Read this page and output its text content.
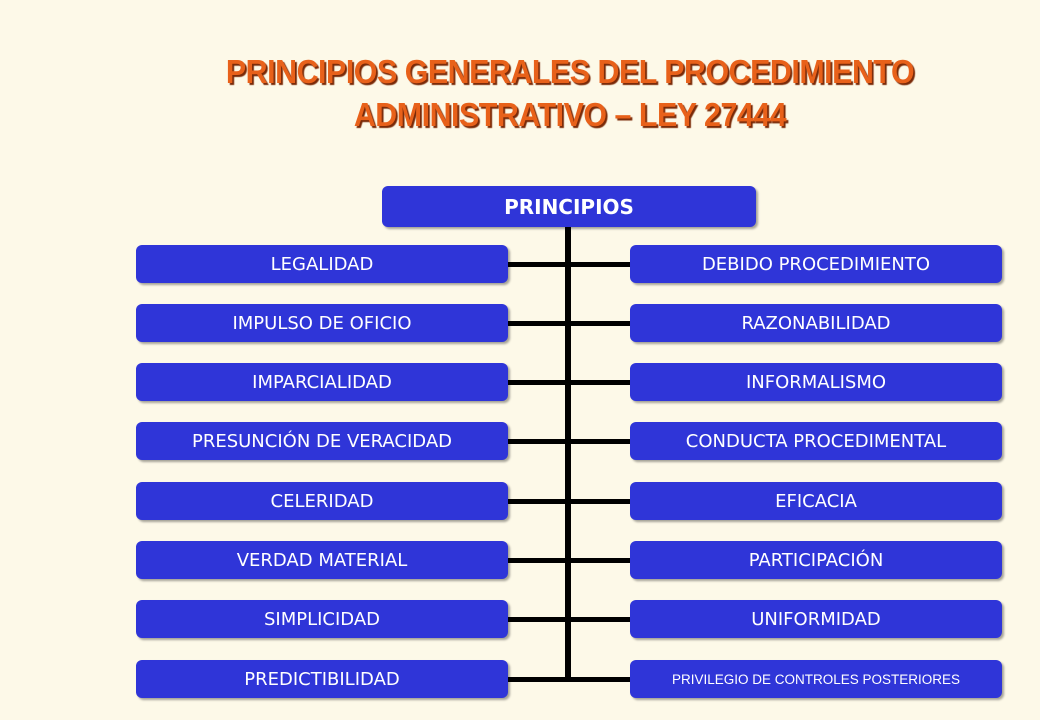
PRINCIPIOS GENERALES DEL PROCEDIMIENTO
ADMINISTRATIVO – LEY 27444
PRINCIPIOS
LEGALIDAD	DEBIDO PROCEDIMIENTO
IMPULSO DE OFICIO	RAZONABILIDAD
IMPARCIALIDAD	INFORMALISMO
PRESUNCIÓN DE VERACIDAD	CONDUCTA PROCEDIMENTAL
CELERIDAD	EFICACIA
VERDAD MATERIAL	PARTICIPACIÓN
SIMPLICIDAD	UNIFORMIDAD
PREDICTIBILIDAD	PRIVILEGIO DE CONTROLES POSTERIORES
